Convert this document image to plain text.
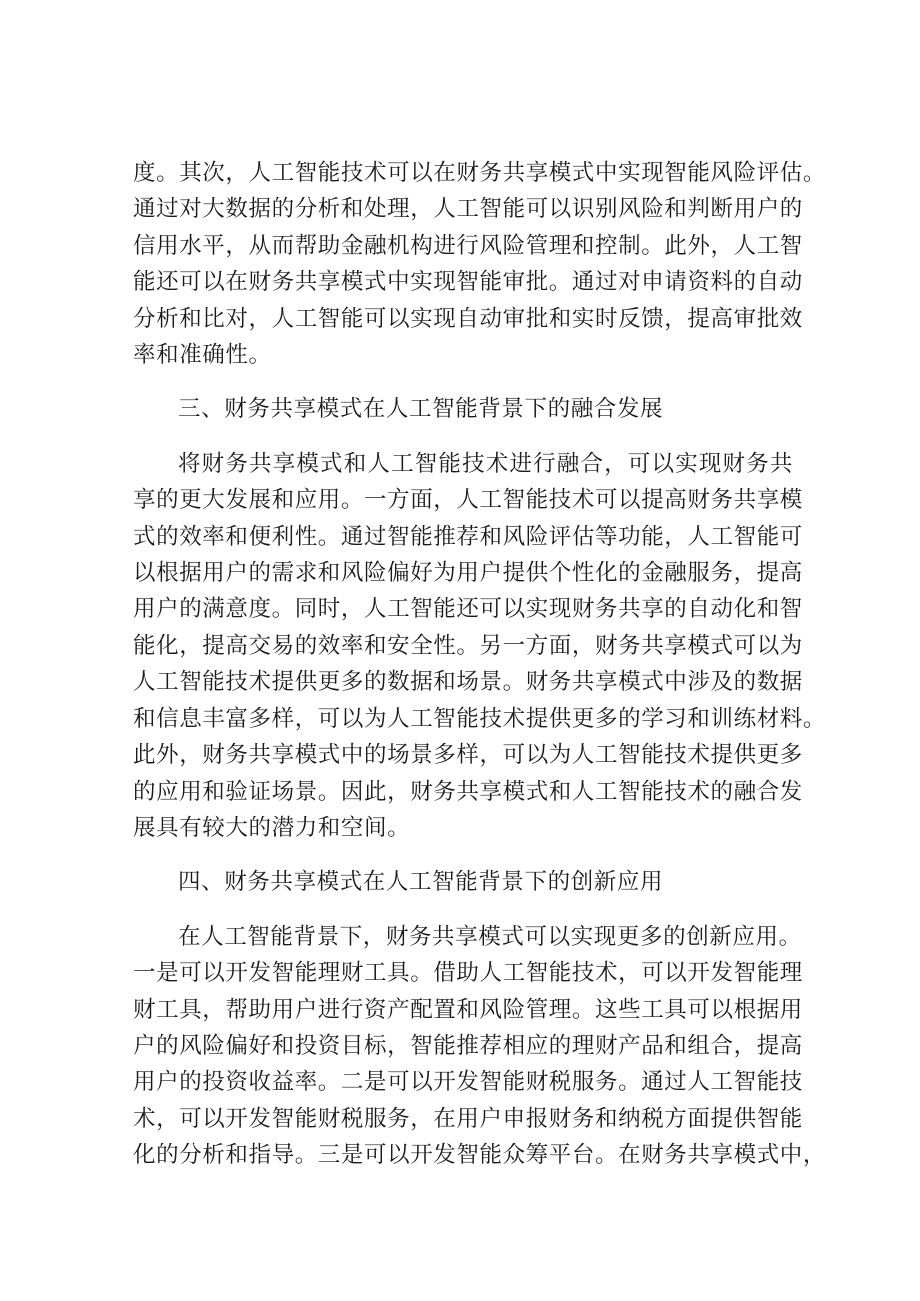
度。其次，人工智能技术可以在财务共享模式中实现智能风险评估。
通过对大数据的分析和处理，人工智能可以识别风险和判断用户的
信用水平，从而帮助金融机构进行风险管理和控制。此外，人工智
能还可以在财务共享模式中实现智能审批。通过对申请资料的自动
分析和比对，人工智能可以实现自动审批和实时反馈，提高审批效
率和准确性。
三、财务共享模式在人工智能背景下的融合发展
将财务共享模式和人工智能技术进行融合，可以实现财务共
享的更大发展和应用。一方面，人工智能技术可以提高财务共享模
式的效率和便利性。通过智能推荐和风险评估等功能，人工智能可
以根据用户的需求和风险偏好为用户提供个性化的金融服务，提高
用户的满意度。同时，人工智能还可以实现财务共享的自动化和智
能化，提高交易的效率和安全性。另一方面，财务共享模式可以为
人工智能技术提供更多的数据和场景。财务共享模式中涉及的数据
和信息丰富多样，可以为人工智能技术提供更多的学习和训练材料。
此外，财务共享模式中的场景多样，可以为人工智能技术提供更多
的应用和验证场景。因此，财务共享模式和人工智能技术的融合发
展具有较大的潜力和空间。
四、财务共享模式在人工智能背景下的创新应用
在人工智能背景下，财务共享模式可以实现更多的创新应用。
一是可以开发智能理财工具。借助人工智能技术，可以开发智能理
财工具，帮助用户进行资产配置和风险管理。这些工具可以根据用
户的风险偏好和投资目标，智能推荐相应的理财产品和组合，提高
用户的投资收益率。二是可以开发智能财税服务。通过人工智能技
术，可以开发智能财税服务，在用户申报财务和纳税方面提供智能
化的分析和指导。三是可以开发智能众筹平台。在财务共享模式中，
